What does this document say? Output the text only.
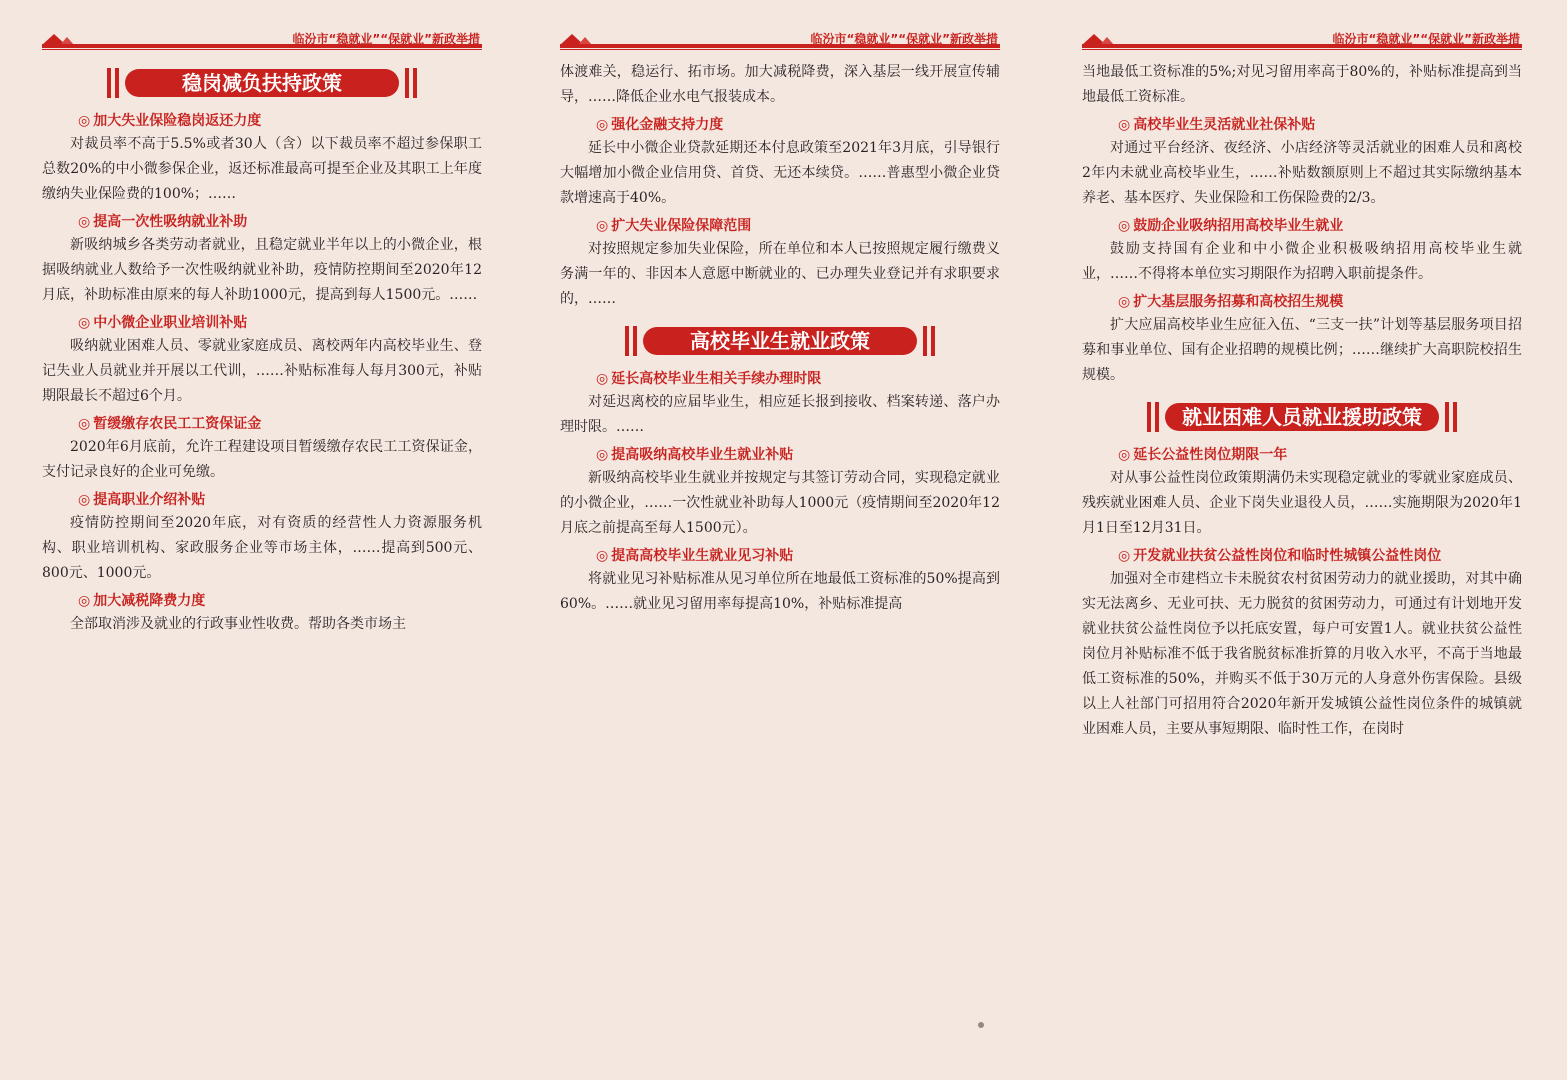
临汾市“稳就业”“保就业”新政举措
稳岗减负扶持政策
◎ 加大失业保险稳岗返还力度

对裁员率不高于5.5%或者30人（含）以下裁员率不超过参保职工总数20%的中小微参保企业，返还标准最高可提至企业及其职工上年度缴纳失业保险费的100%；……

◎ 提高一次性吸纳就业补助

新吸纳城乡各类劳动者就业，且稳定就业半年以上的小微企业，根据吸纳就业人数给予一次性吸纳就业补助，疫情防控期间至2020年12月底，补助标准由原来的每人补助1000元，提高到每人1500元。……

◎ 中小微企业职业培训补贴

吸纳就业困难人员、零就业家庭成员、离校两年内高校毕业生、登记失业人员就业并开展以工代训，……补贴标准每人每月300元，补贴期限最长不超过6个月。

◎ 暂缓缴存农民工工资保证金

2020年6月底前，允许工程建设项目暂缓缴存农民工工资保证金，支付记录良好的企业可免缴。

◎ 提高职业介绍补贴

疫情防控期间至2020年底，对有资质的经营性人力资源服务机构、职业培训机构、家政服务企业等市场主体，……提高到500元、800元、1000元。

◎ 加大减税降费力度

全部取消涉及就业的行政事业性收费。帮助各类市场主

临汾市“稳就业”“保就业”新政举措

体渡难关，稳运行、拓市场。加大减税降费，深入基层一线开展宣传辅导，……降低企业水电气报装成本。

◎ 强化金融支持力度

延长中小微企业贷款延期还本付息政策至2021年3月底，引导银行大幅增加小微企业信用贷、首贷、无还本续贷。……普惠型小微企业贷款增速高于40%。

◎ 扩大失业保险保障范围

对按照规定参加失业保险，所在单位和本人已按照规定履行缴费义务满一年的、非因本人意愿中断就业的、已办理失业登记并有求职要求的，……

高校毕业生就业政策
◎ 延长高校毕业生相关手续办理时限

对延迟离校的应届毕业生，相应延长报到接收、档案转递、落户办理时限。……

◎ 提高吸纳高校毕业生就业补贴

新吸纳高校毕业生就业并按规定与其签订劳动合同，实现稳定就业的小微企业，……一次性就业补助每人1000元（疫情期间至2020年12月底之前提高至每人1500元）。

◎ 提高高校毕业生就业见习补贴

将就业见习补贴标准从见习单位所在地最低工资标准的50%提高到60%。……就业见习留用率每提高10%，补贴标准提高

临汾市“稳就业”“保就业”新政举措

当地最低工资标准的5%;对见习留用率高于80%的，补贴标准提高到当地最低工资标准。

◎ 高校毕业生灵活就业社保补贴

对通过平台经济、夜经济、小店经济等灵活就业的困难人员和离校2年内未就业高校毕业生，……补贴数额原则上不超过其实际缴纳基本养老、基本医疗、失业保险和工伤保险费的2/3。

◎ 鼓励企业吸纳招用高校毕业生就业

鼓励支持国有企业和中小微企业积极吸纳招用高校毕业生就业，……不得将本单位实习期限作为招聘入职前提条件。

◎ 扩大基层服务招募和高校招生规模

扩大应届高校毕业生应征入伍、“三支一扶”计划等基层服务项目招募和事业单位、国有企业招聘的规模比例；……继续扩大高职院校招生规模。

就业困难人员就业援助政策
◎ 延长公益性岗位期限一年

对从事公益性岗位政策期满仍未实现稳定就业的零就业家庭成员、残疾就业困难人员、企业下岗失业退役人员，……实施期限为2020年1月1日至12月31日。

◎ 开发就业扶贫公益性岗位和临时性城镇公益性岗位

加强对全市建档立卡未脱贫农村贫困劳动力的就业援助，对其中确实无法离乡、无业可扶、无力脱贫的贫困劳动力，可通过有计划地开发就业扶贫公益性岗位予以托底安置，每户可安置1人。就业扶贫公益性岗位月补贴标准不低于我省脱贫标准折算的月收入水平，不高于当地最低工资标准的50%，并购买不低于30万元的人身意外伤害保险。县级以上人社部门可招用符合2020年新开发城镇公益性岗位条件的城镇就业困难人员，主要从事短期限、临时性工作，在岗时
